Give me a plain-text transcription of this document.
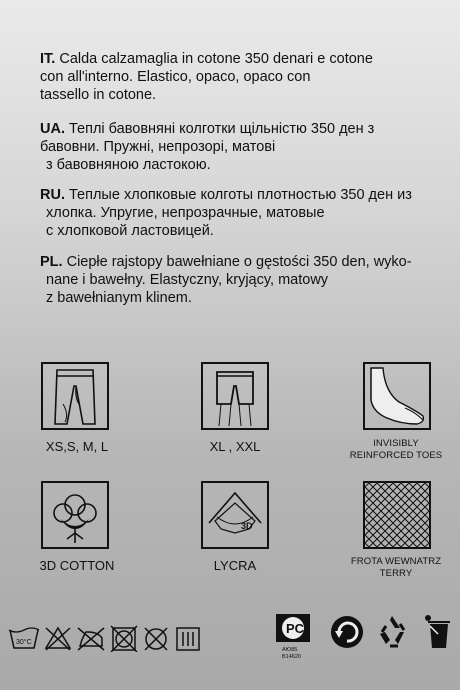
IT. Calda calzamaglia in cotone 350 denari e cotone

con all'interno. Elastico, opaco, opaco con

tassello in cotone.

UA. Теплі бавовняні колготки щільністю 350 ден з

бавовни. Пружні, непрозорі, матові

з бавовняною ластокою.

RU. Теплые хлопковые колготы плотностью 350 ден из

хлопка. Упругие, непрозрачные, матовые

с хлопковой ластовицей.

PL. Ciepłe rajstopy bawełniane o gęstości 350 den, wyko-

nane i bawełny. Elastyczny, kryjący, matowy

z bawełnianym klinem.

XS,S, M, L	XL , XXL	INVISIBLY
REINFORCED TOES
3D COTTON
3D
LYCRA	FROTA WEWNATRZ
TERRY
30°C
PC
АЮ85
В14620
